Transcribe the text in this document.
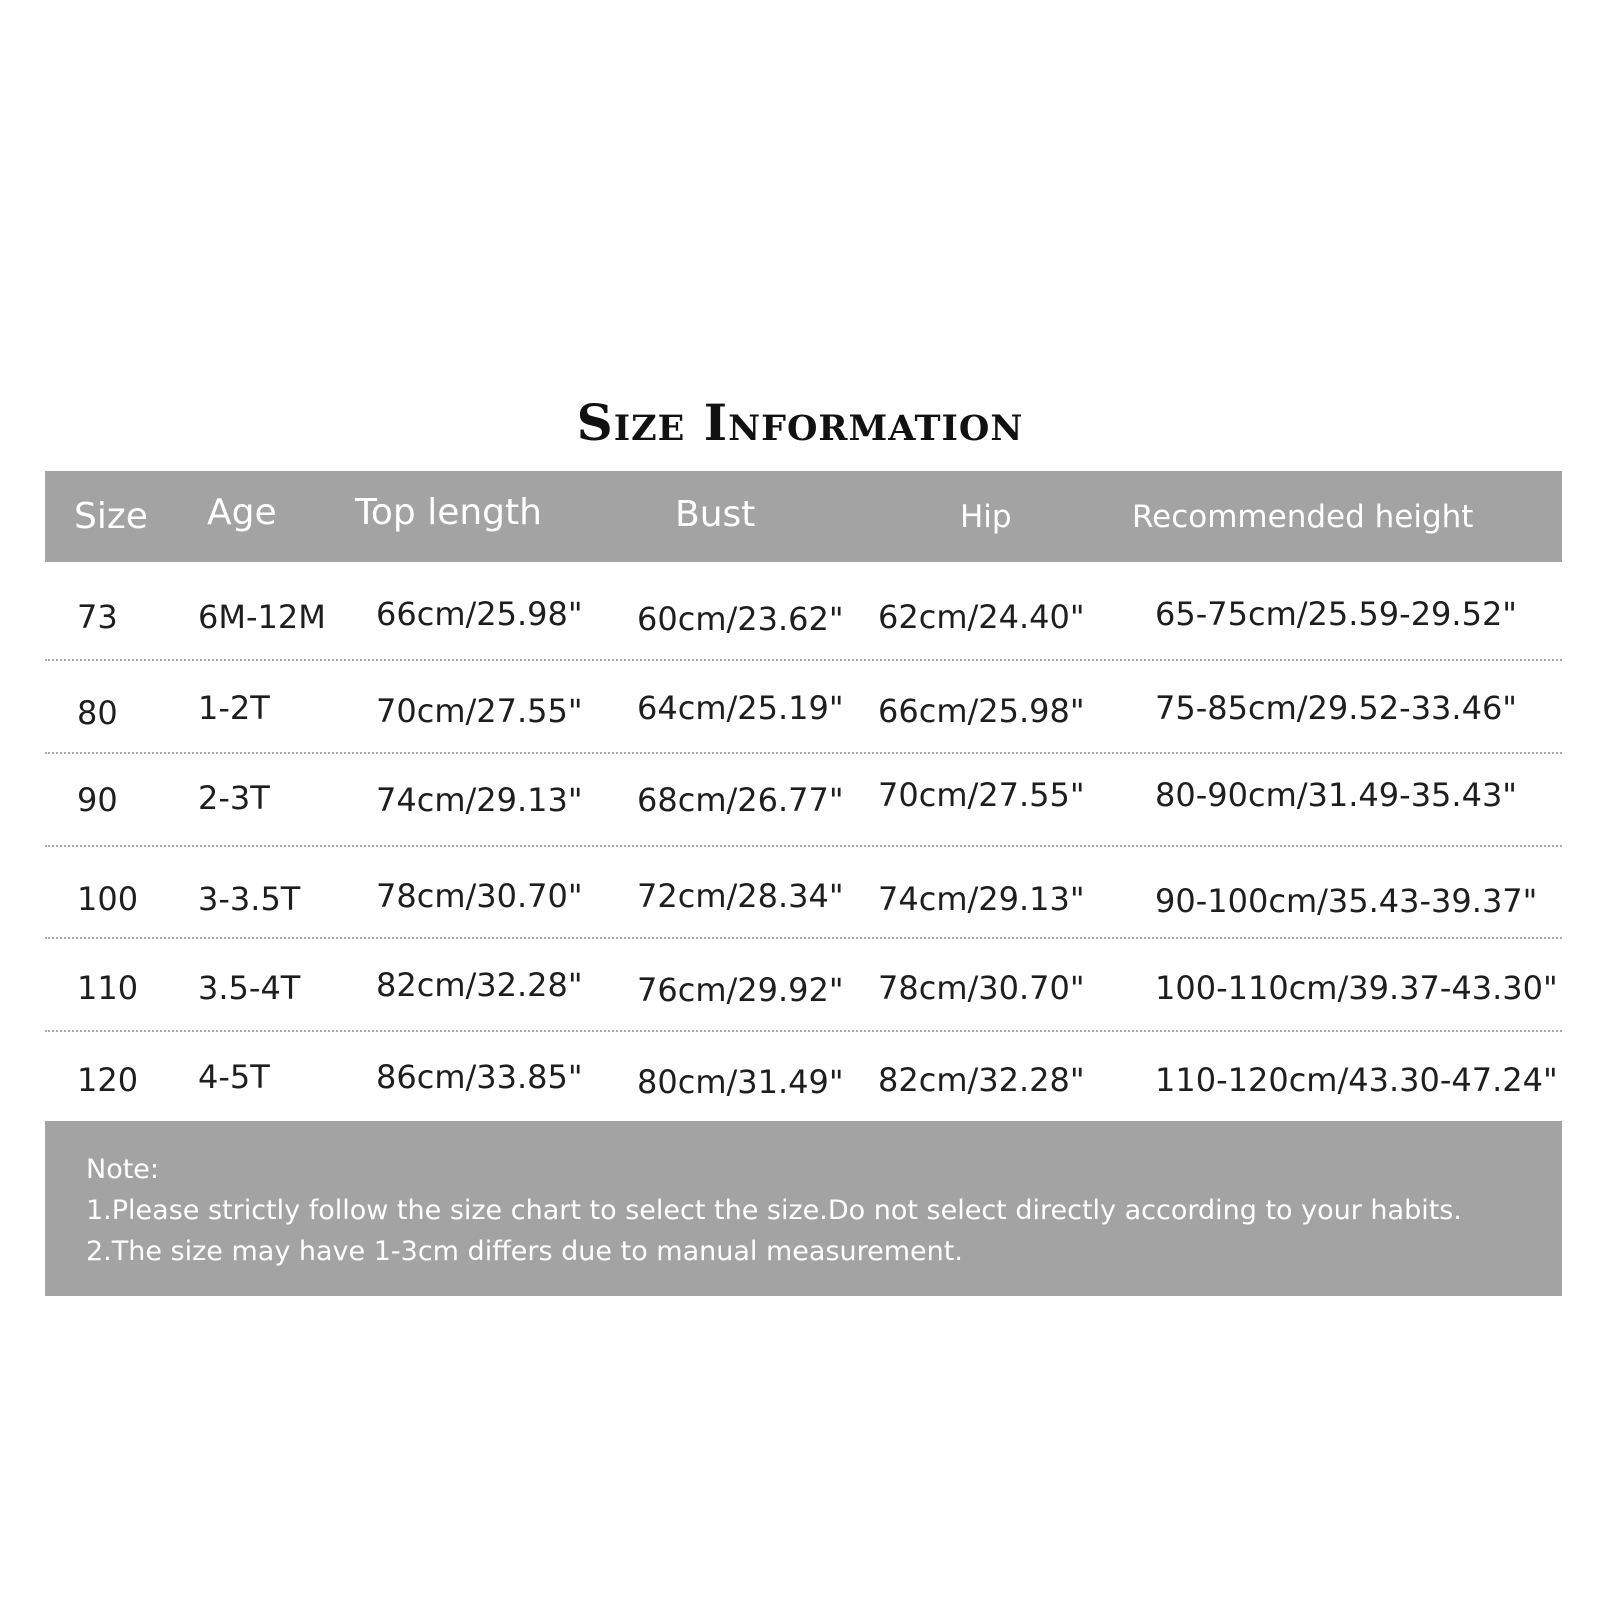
Size Information
Size Age Top length	Bust	Hip	Recommended height
73	6M-12M 66cm/25.98" 60cm/23.62" 62cm/24.40" 65-75cm/25.59-29.52"
80	1-2T	70cm/27.55" 64cm/25.19" 66cm/25.98" 75-85cm/29.52-33.46"
90	2-3T	74cm/29.13" 68cm/26.77" 70cm/27.55" 80-90cm/31.49-35.43"
100 3-3.5T 78cm/30.70" 72cm/28.34" 74cm/29.13" 90-100cm/35.43-39.37"
110 3.5-4T 82cm/32.28" 76cm/29.92" 78cm/30.70" 100-110cm/39.37-43.30"
120 4-5T	86cm/33.85" 80cm/31.49" 82cm/32.28" 110-120cm/43.30-47.24"
Note:
1.Please strictly follow the size chart to select the size.Do not select directly according to your habits.
2.The size may have 1-3cm differs due to manual measurement.
